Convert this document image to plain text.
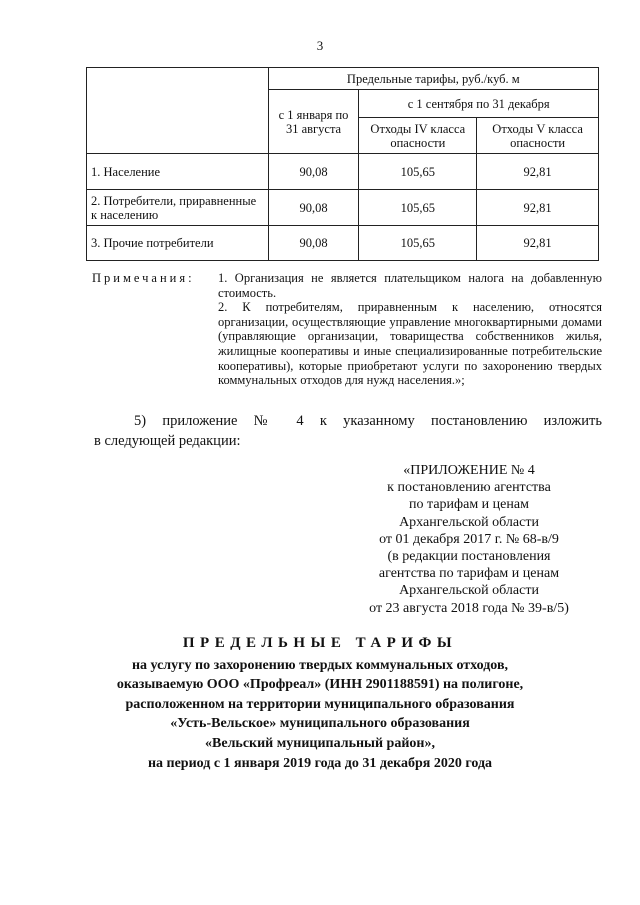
3
	Предельные тарифы, руб./куб. м		
	с 1 января по 31 августа	с 1 сентября по 31 декабря	
		Отходы IV класса опасности	Отходы V класса опасности
1. Население	90,08	105,65	92,81
2. Потребители, приравненные к населению	90,08	105,65	92,81
3. Прочие потребители	90,08	105,65	92,81
Примечания: 1. Организация не является плательщиком налога на добавленную стоимость.

2. К потребителям, приравненным к населению, относятся организации, осуществляющие управление многоквартирными домами (управляющие организации, товарищества собственников жилья, жилищные кооперативы и иные специализированные потребительские кооперативы), которые приобретают услуги по захоронению твердых коммунальных отходов для нужд населения.»;

5) приложение № 4 к указанному постановлению изложить
в следующей редакции:
«ПРИЛОЖЕНИЕ № 4
к постановлению агентства
по тарифам и ценам
Архангельской области
от 01 декабря 2017 г. № 68-в/9
(в редакции постановления
агентства по тарифам и ценам
Архангельской области
от 23 августа 2018 года № 39-в/5)
ПРЕДЕЛЬНЫЕ ТАРИФЫ
на услугу по захоронению твердых коммунальных отходов,
оказываемую ООО «Профреал» (ИНН 2901188591) на полигоне,
расположенном на территории муниципального образования
«Усть-Вельское» муниципального образования
«Вельский муниципальный район»,
на период с 1 января 2019 года до 31 декабря 2020 года
